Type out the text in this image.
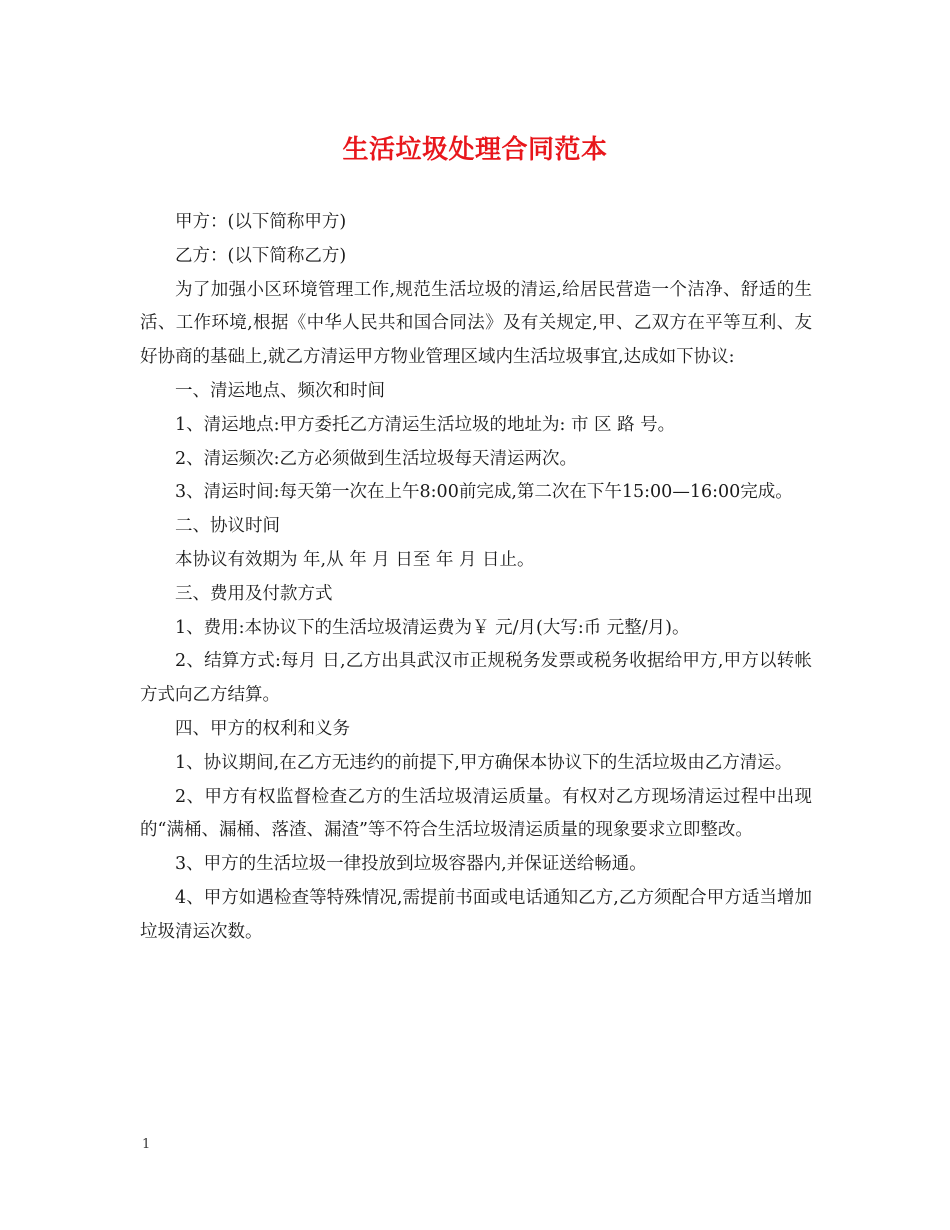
生活垃圾处理合同范本

甲方：(以下简称甲方)

乙方：(以下简称乙方)

为了加强小区环境管理工作,规范生活垃圾的清运,给居民营造一个洁净、舒适的生活、工作环境,根据《中华人民共和国合同法》及有关规定,甲、乙双方在平等互利、友好协商的基础上,就乙方清运甲方物业管理区域内生活垃圾事宜,达成如下协议:

一、清运地点、频次和时间

1、清运地点:甲方委托乙方清运生活垃圾的地址为: 市 区 路 号。

2、清运频次:乙方必须做到生活垃圾每天清运两次。

3、清运时间:每天第一次在上午8:00前完成,第二次在下午15:00—16:00完成。

二、协议时间

本协议有效期为 年,从 年 月 日至 年 月 日止。

三、费用及付款方式

1、费用:本协议下的生活垃圾清运费为￥ 元/月(大写:币 元整/月)。

2、结算方式:每月 日,乙方出具武汉市正规税务发票或税务收据给甲方,甲方以转帐方式向乙方结算。

四、甲方的权利和义务

1、协议期间,在乙方无违约的前提下,甲方确保本协议下的生活垃圾由乙方清运。

2、甲方有权监督检查乙方的生活垃圾清运质量。有权对乙方现场清运过程中出现的“满桶、漏桶、落渣、漏渣”等不符合生活垃圾清运质量的现象要求立即整改。

3、甲方的生活垃圾一律投放到垃圾容器内,并保证送给畅通。

4、甲方如遇检查等特殊情况,需提前书面或电话通知乙方,乙方须配合甲方适当增加垃圾清运次数。

1
